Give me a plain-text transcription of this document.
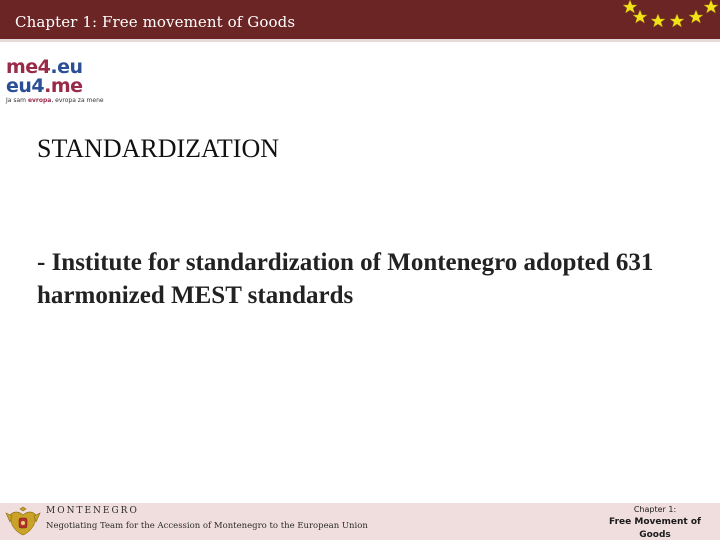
Chapter 1: Free movement of Goods
me4.eu
eu4.me
Ja sam evropa, evropa za mene
STANDARDIZATION
- Institute for standardization of Montenegro adopted 631 harmonized MEST standards
MONTENEGRO
Negotiating Team for the Accession of Montenegro to the European Union
Chapter 1:
Free Movement of Goods
